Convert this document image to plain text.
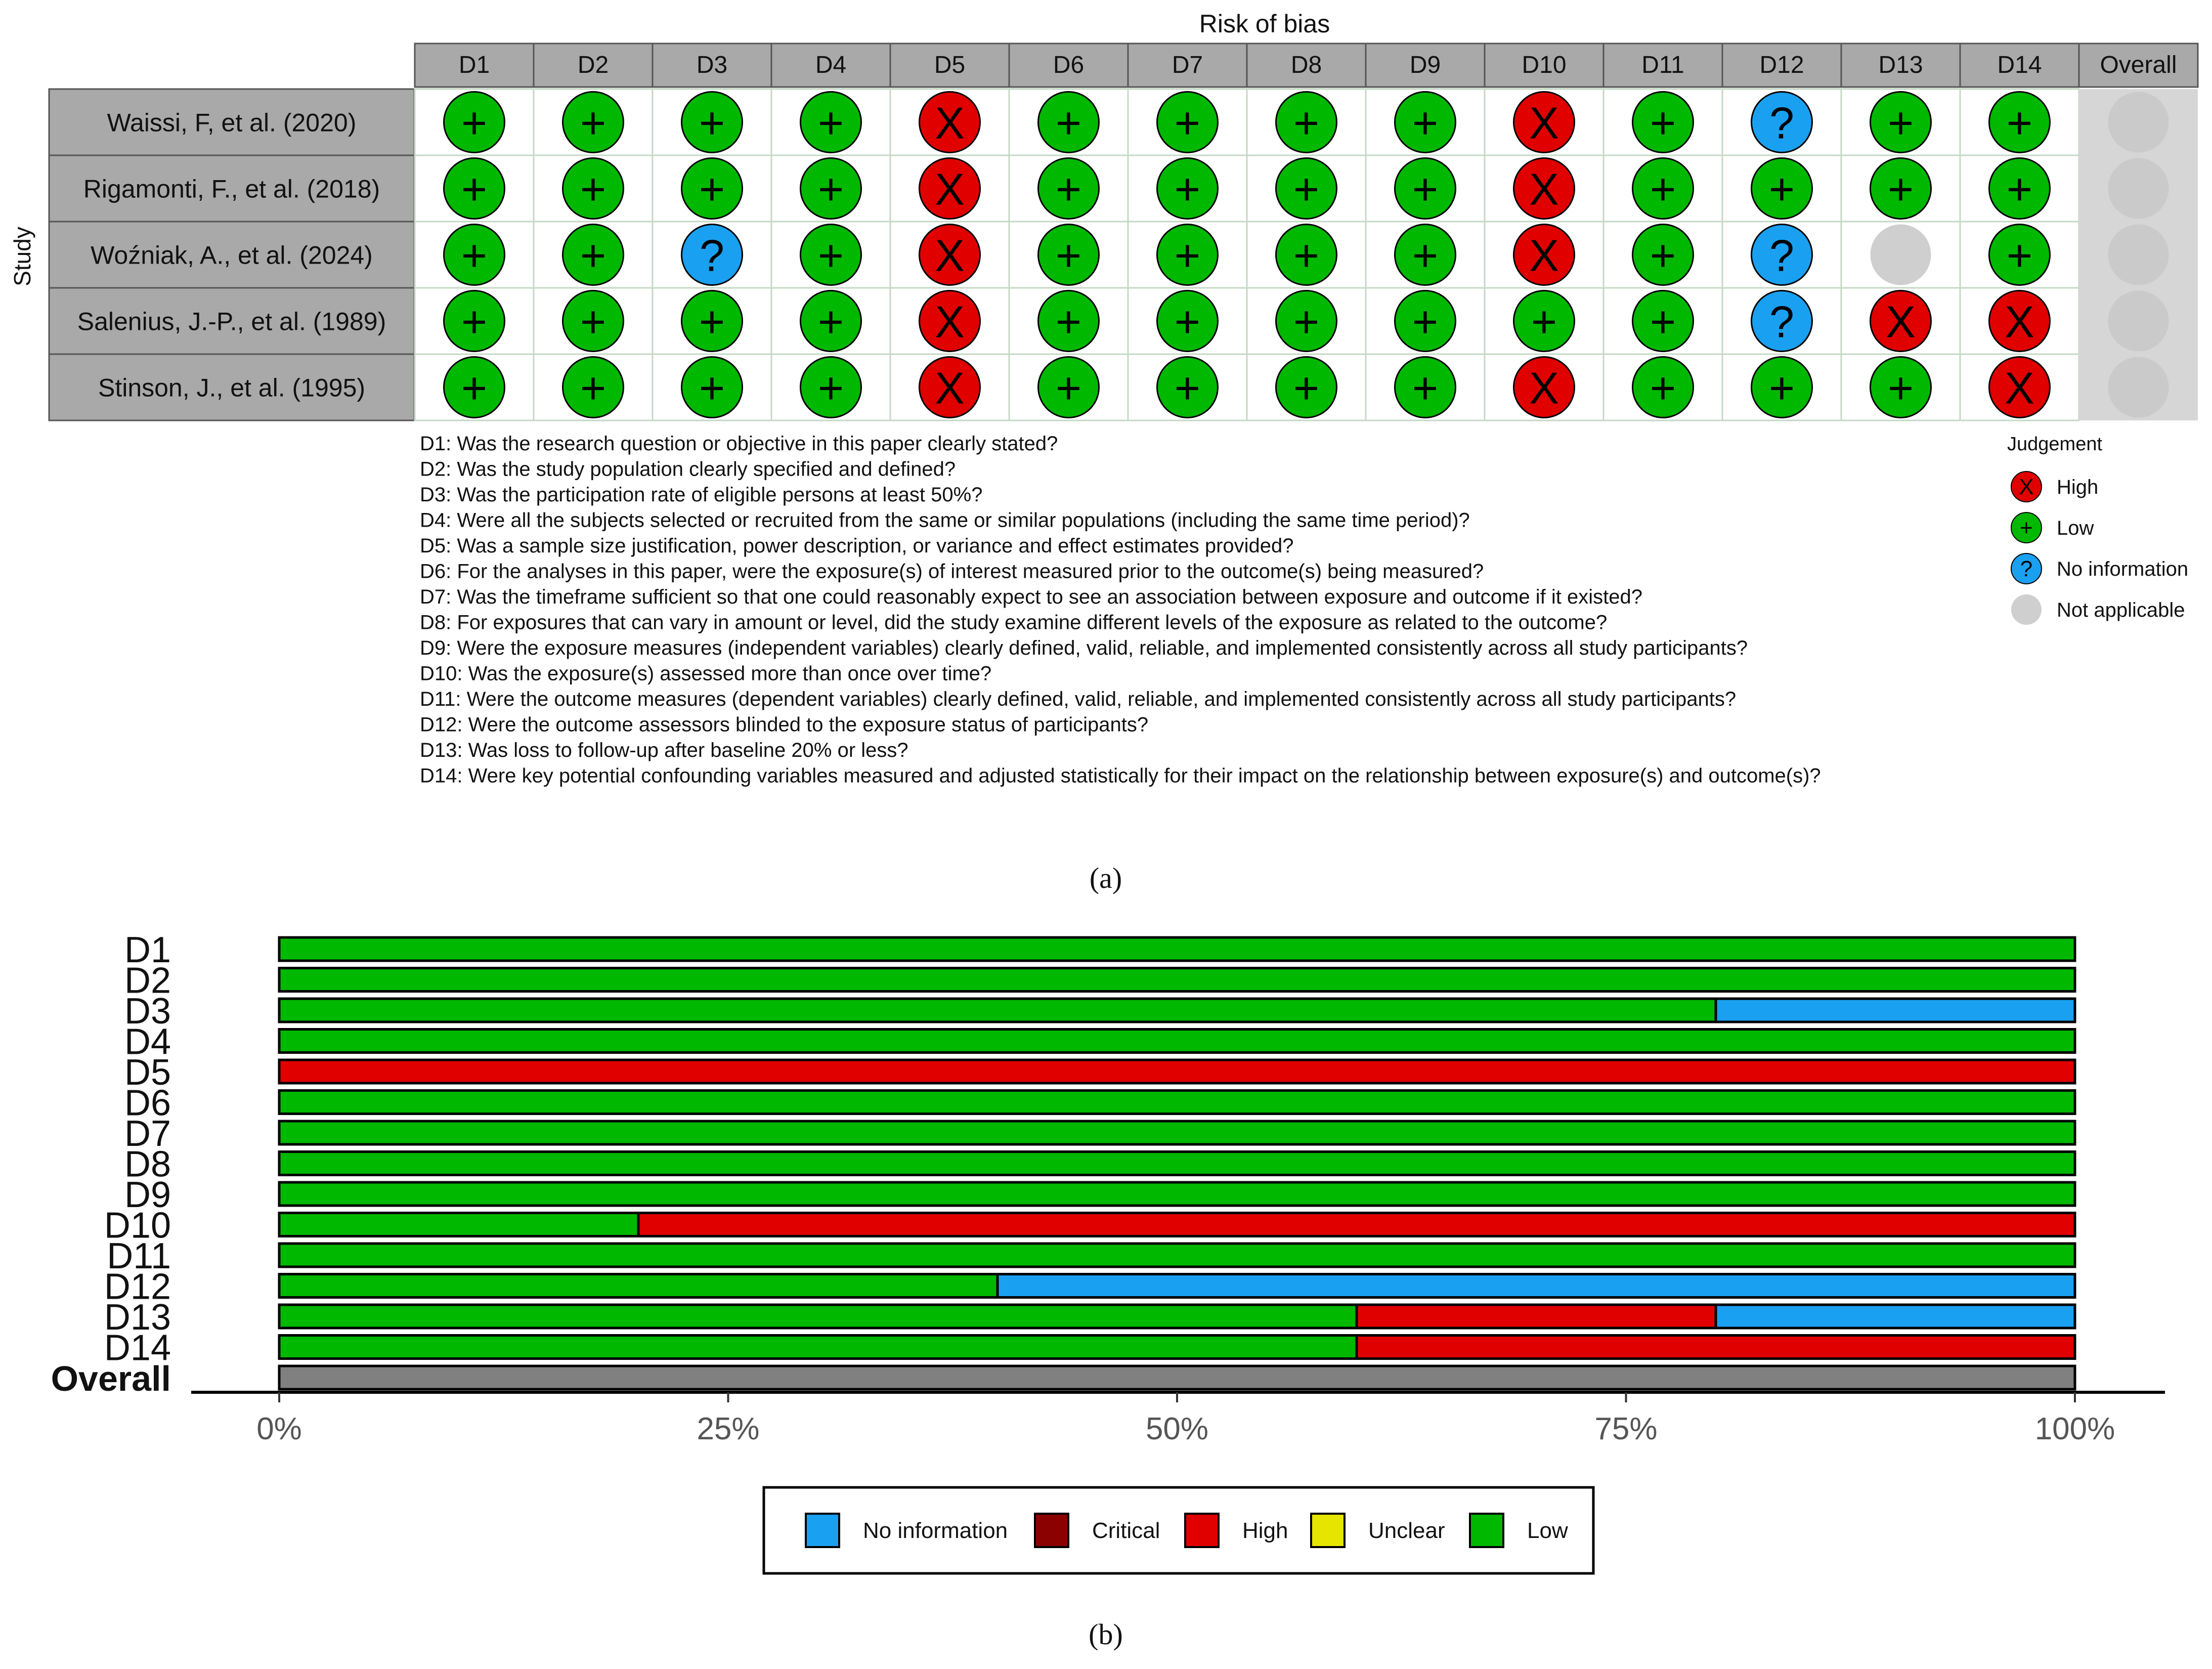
Risk of bias
Study
D1	D2	D3	D4	D5	D6	D7	D8	D9	D10	D11	D12	D13	D14 Overall
Waissi, F, et al. (2020) + + + + X + + + + X + ? + +
Rigamonti, F., et al. (2018) + + + + X + + + + X + + + +
Woźniak, A., et al. (2024) + + ? + X + + + + X + ?	+
Salenius, J.-P., et al. (1989) + + + + X + + + + + + ? X X
Stinson, J., et al. (1995) + + + + X + + + + X + + + X
D1: Was the research question or objective in this paper clearly stated?
D2: Was the study population clearly specified and defined?
D3: Was the participation rate of eligible persons at least 50%?
D4: Were all the subjects selected or recruited from the same or similar populations (including the same time period)?
D5: Was a sample size justification, power description, or variance and effect estimates provided?
D6: For the analyses in this paper, were the exposure(s) of interest measured prior to the outcome(s) being measured?
D7: Was the timeframe sufficient so that one could reasonably expect to see an association between exposure and outcome if it existed?
D8: For exposures that can vary in amount or level, did the study examine different levels of the exposure as related to the outcome?
D9: Were the exposure measures (independent variables) clearly defined, valid, reliable, and implemented consistently across all study participants?
D10: Was the exposure(s) assessed more than once over time?
D11: Were the outcome measures (dependent variables) clearly defined, valid, reliable, and implemented consistently across all study participants?
D12: Were the outcome assessors blinded to the exposure status of participants?
D13: Was loss to follow-up after baseline 20% or less?
D14: Were key potential confounding variables measured and adjusted statistically for their impact on the relationship between exposure(s) and outcome(s)?
Judgement
X High
+ Low
? No information
Not applicable
(a)
D1
D2
D3
D4
D5
D6
D7
D8
D9
D10
D11
D12
D13
D14
Overall
0%	25%	50%	75%	100%
No information	Critical	High	Unclear	Low
(b)
